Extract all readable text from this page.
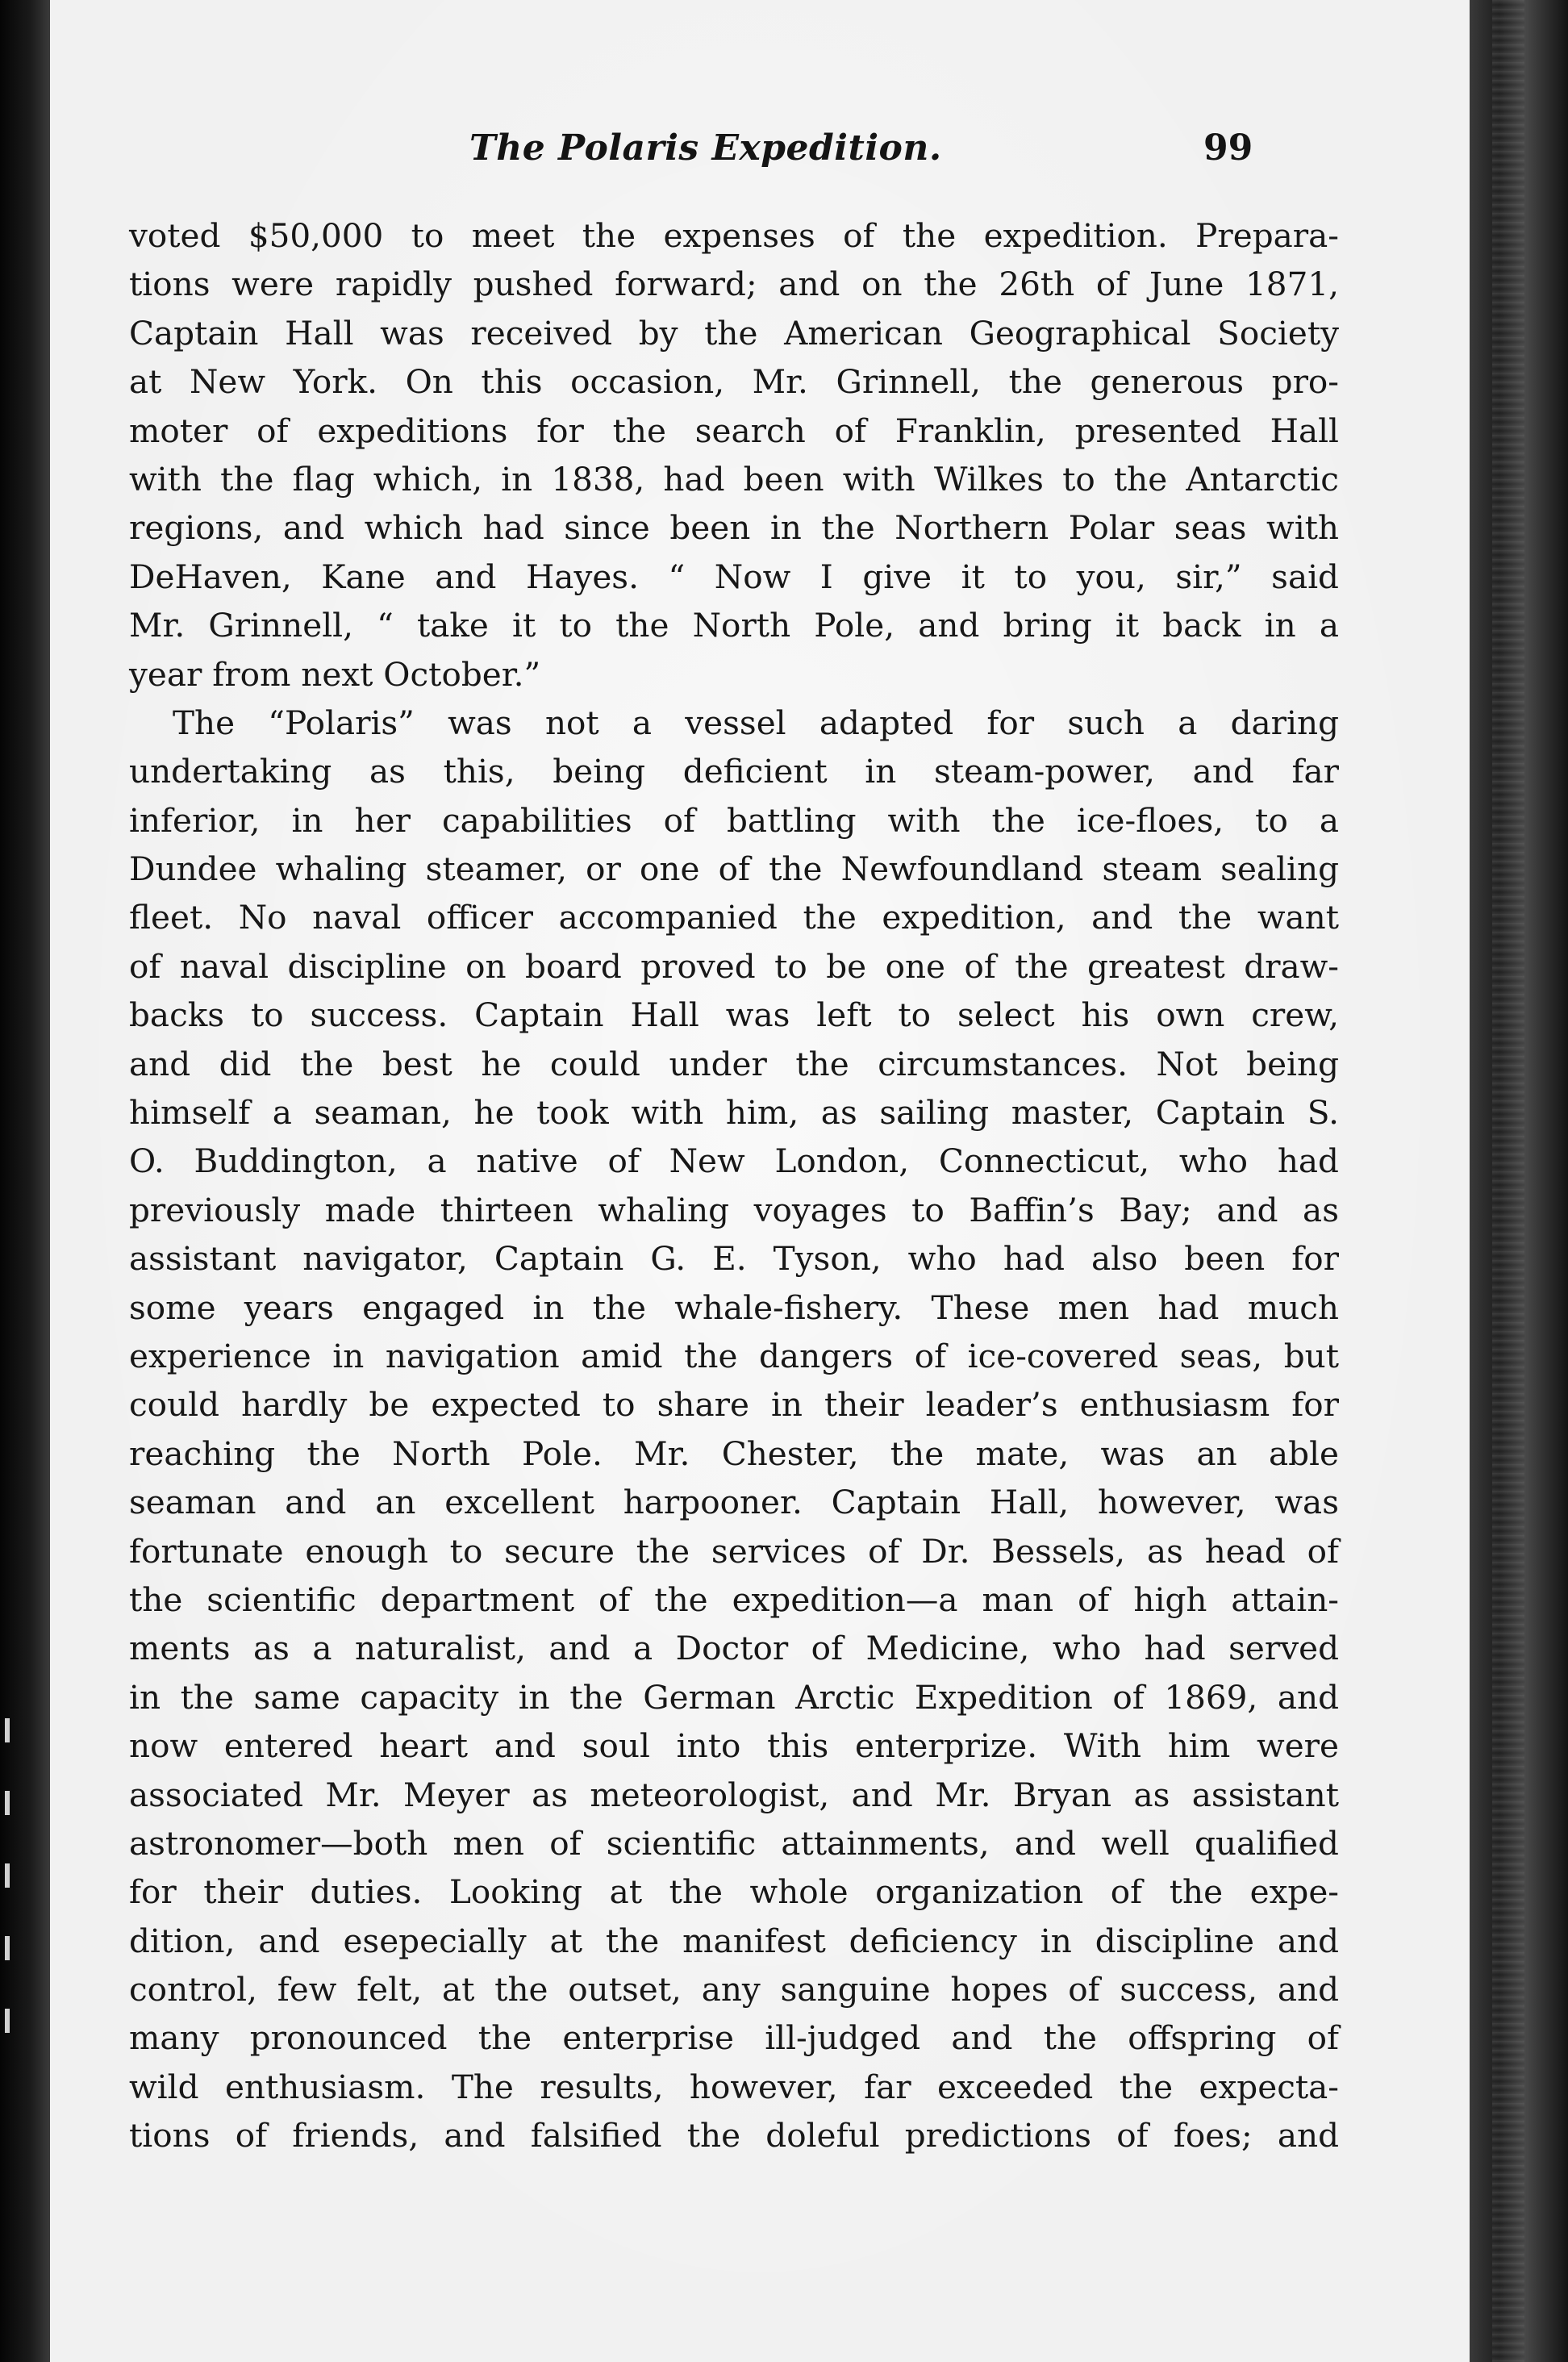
The Polaris Expedition.	99
voted $50,000 to meet the expenses of the expedition. Prepara-
tions were rapidly pushed forward; and on the 26th of June 1871,
Captain Hall was received by the American Geographical Society
at New York. On this occasion, Mr. Grinnell, the generous pro-
moter of expeditions for the search of Franklin, presented Hall
with the flag which, in 1838, had been with Wilkes to the Antarctic
regions, and which had since been in the Northern Polar seas with
DeHaven, Kane and Hayes. “ Now I give it to you, sir,” said
Mr. Grinnell, “ take it to the North Pole, and bring it back in a
year from next October.”
The “Polaris” was not a vessel adapted for such a daring
undertaking as this, being deficient in steam-power, and far
inferior, in her capabilities of battling with the ice-floes, to a
Dundee whaling steamer, or one of the Newfoundland steam sealing
fleet. No naval officer accompanied the expedition, and the want
of naval discipline on board proved to be one of the greatest draw-
backs to success. Captain Hall was left to select his own crew,
and did the best he could under the circumstances. Not being
himself a seaman, he took with him, as sailing master, Captain S.
O. Buddington, a native of New London, Connecticut, who had
previously made thirteen whaling voyages to Baffin’s Bay; and as
assistant navigator, Captain G. E. Tyson, who had also been for
some years engaged in the whale-fishery. These men had much
experience in navigation amid the dangers of ice-covered seas, but
could hardly be expected to share in their leader’s enthusiasm for
reaching the North Pole. Mr. Chester, the mate, was an able
seaman and an excellent harpooner. Captain Hall, however, was
fortunate enough to secure the services of Dr. Bessels, as head of
the scientific department of the expedition—a man of high attain-
ments as a naturalist, and a Doctor of Medicine, who had served
in the same capacity in the German Arctic Expedition of 1869, and
now entered heart and soul into this enterprize. With him were
associated Mr. Meyer as meteorologist, and Mr. Bryan as assistant
astronomer—both men of scientific attainments, and well qualified
for their duties. Looking at the whole organization of the expe-
dition, and esepecially at the manifest deficiency in discipline and
control, few felt, at the outset, any sanguine hopes of success, and
many pronounced the enterprise ill-judged and the offspring of
wild enthusiasm. The results, however, far exceeded the expecta-
tions of friends, and falsified the doleful predictions of foes; and
